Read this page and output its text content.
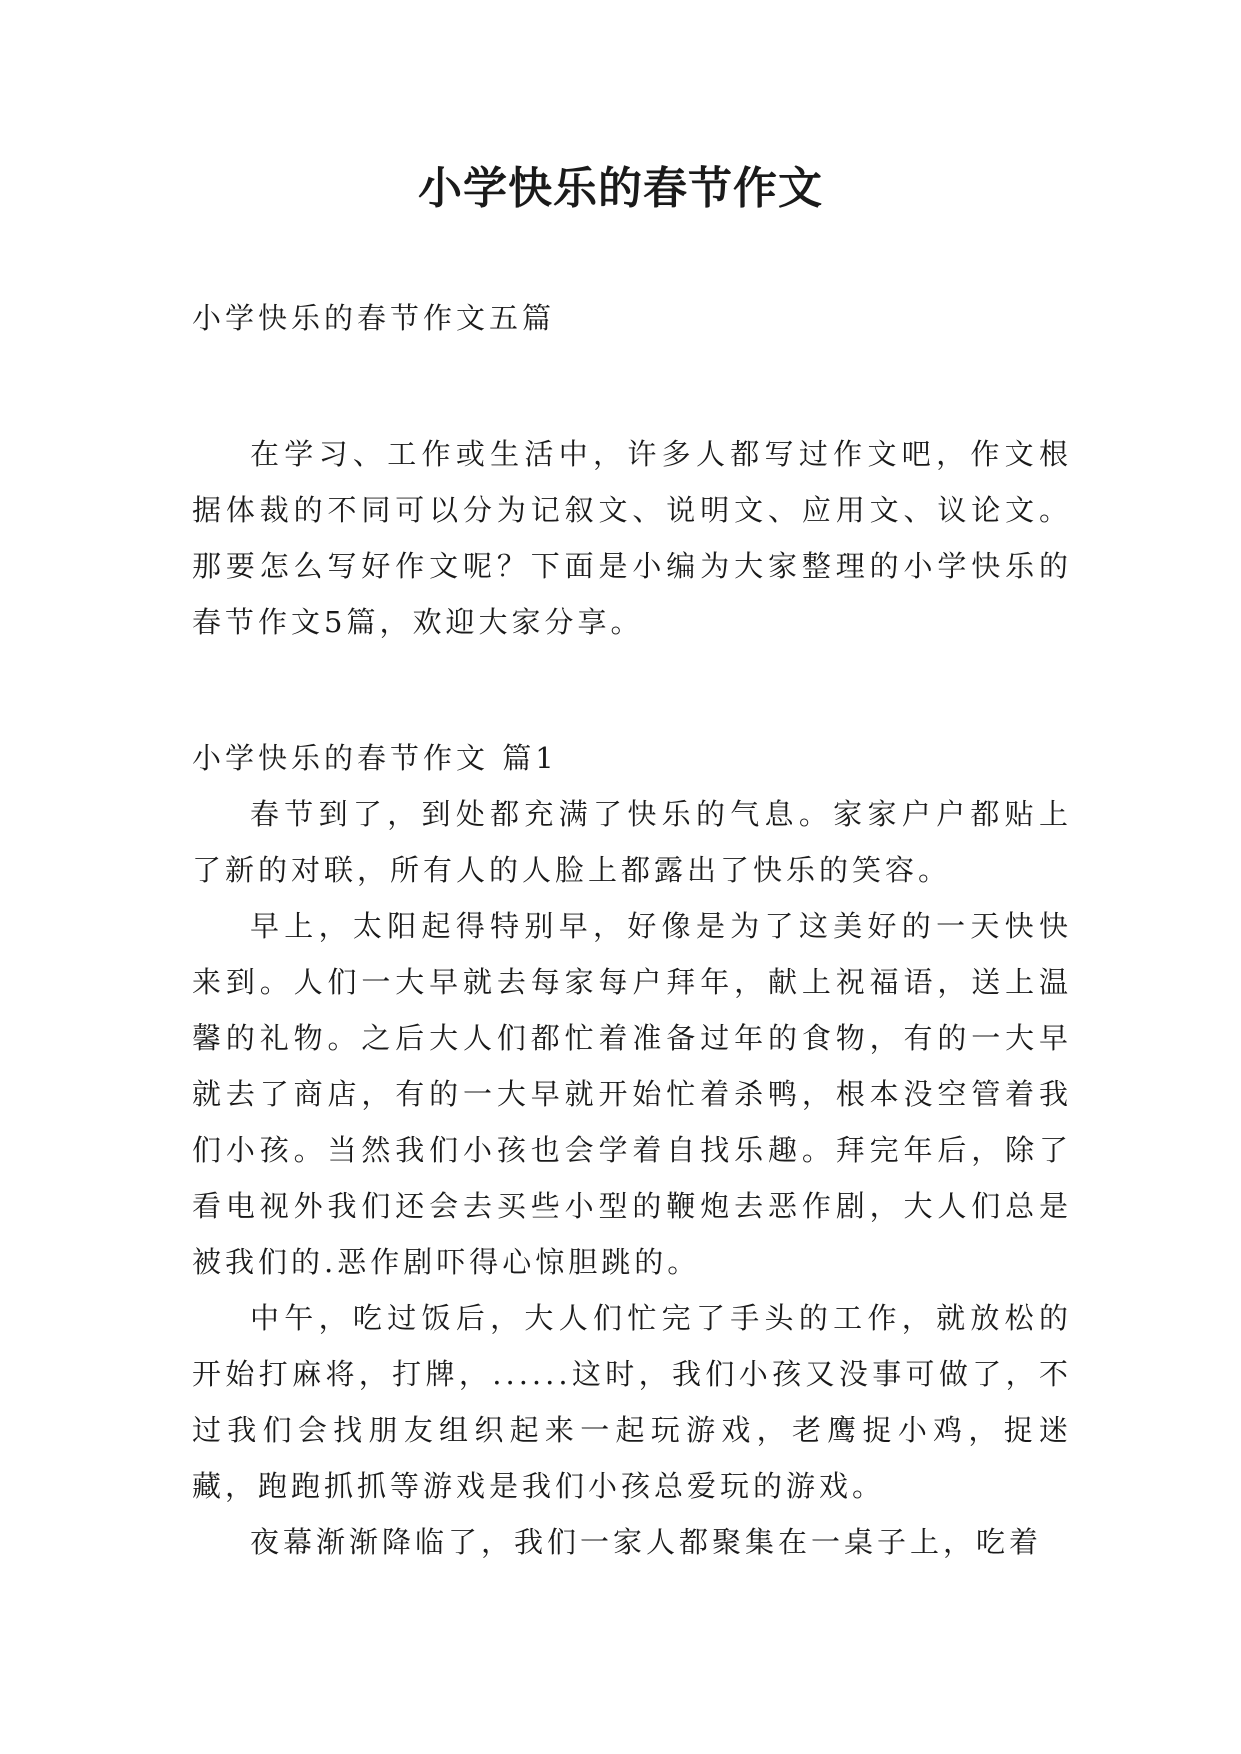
小学快乐的春节作文

小学快乐的春节作文五篇

在学习、工作或生活中，许多人都写过作文吧，作文根据体裁的不同可以分为记叙文、说明文、应用文、议论文。那要怎么写好作文呢？下面是小编为大家整理的小学快乐的春节作文5篇，欢迎大家分享。

小学快乐的春节作文 篇1

春节到了，到处都充满了快乐的气息。家家户户都贴上了新的对联，所有人的人脸上都露出了快乐的笑容。

早上，太阳起得特别早，好像是为了这美好的一天快快来到。人们一大早就去每家每户拜年，献上祝福语，送上温馨的礼物。之后大人们都忙着准备过年的食物，有的一大早就去了商店，有的一大早就开始忙着杀鸭，根本没空管着我们小孩。当然我们小孩也会学着自找乐趣。拜完年后，除了看电视外我们还会去买些小型的鞭炮去恶作剧，大人们总是被我们的.恶作剧吓得心惊胆跳的。

中午，吃过饭后，大人们忙完了手头的工作，就放松的开始打麻将，打牌，......这时，我们小孩又没事可做了，不过我们会找朋友组织起来一起玩游戏，老鹰捉小鸡，捉迷藏，跑跑抓抓等游戏是我们小孩总爱玩的游戏。

夜幕渐渐降临了，我们一家人都聚集在一桌子上，吃着
